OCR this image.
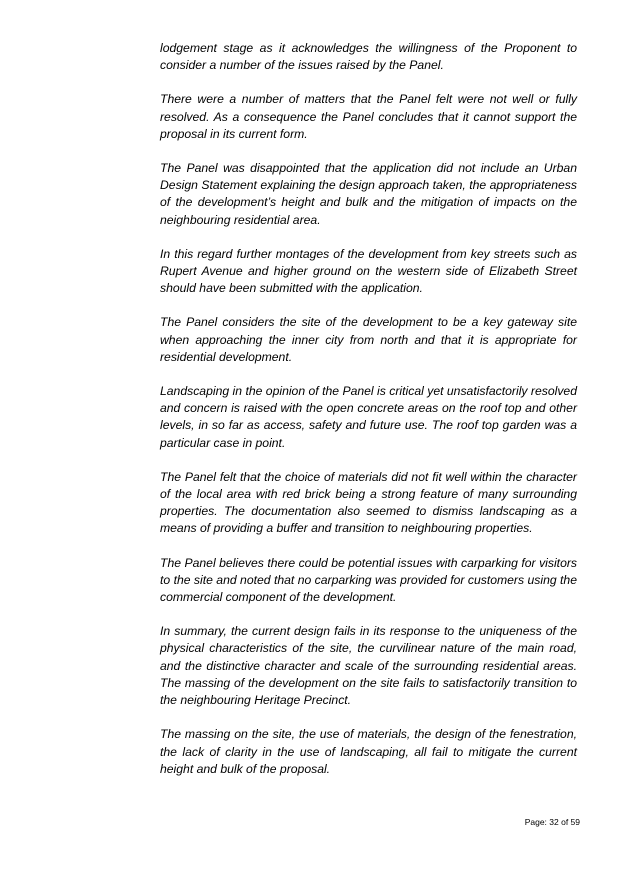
lodgement stage as it acknowledges the willingness of the Proponent to consider a number of the issues raised by the Panel.

There were a number of matters that the Panel felt were not well or fully resolved. As a consequence the Panel concludes that it cannot support the proposal in its current form.

The Panel was disappointed that the application did not include an Urban Design Statement explaining the design approach taken, the appropriateness of the development’s height and bulk and the mitigation of impacts on the neighbouring residential area.

In this regard further montages of the development from key streets such as Rupert Avenue and higher ground on the western side of Elizabeth Street should have been submitted with the application.

The Panel considers the site of the development to be a key gateway site when approaching the inner city from north and that it is appropriate for residential development.

Landscaping in the opinion of the Panel is critical yet unsatisfactorily resolved and concern is raised with the open concrete areas on the roof top and other levels, in so far as access, safety and future use. The roof top garden was a particular case in point.

The Panel felt that the choice of materials did not fit well within the character of the local area with red brick being a strong feature of many surrounding properties. The documentation also seemed to dismiss landscaping as a means of providing a buffer and transition to neighbouring properties.

The Panel believes there could be potential issues with carparking for visitors to the site and noted that no carparking was provided for customers using the commercial component of the development.

In summary, the current design fails in its response to the uniqueness of the physical characteristics of the site, the curvilinear nature of the main road, and the distinctive character and scale of the surrounding residential areas. The massing of the development on the site fails to satisfactorily transition to the neighbouring Heritage Precinct.

The massing on the site, the use of materials, the design of the fenestration, the lack of clarity in the use of landscaping, all fail to mitigate the current height and bulk of the proposal.

Page: 32 of 59
